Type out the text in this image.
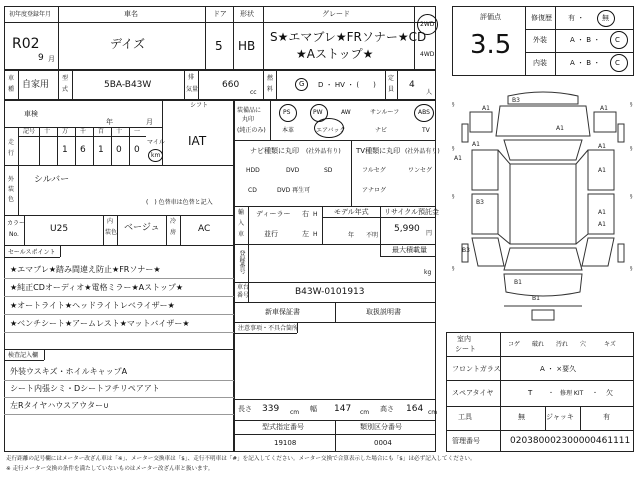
初年度登録年月
R02
9 月
車名
デイズ
ドア
5
形状
HB
グレード
S★エマブレ★FRソナー★CD
★Aストップ★
2WD
4WD
車
種 自家用
型
式	5BA-B43W
排
気量	660
cc
燃
料
G D ・ HV ・ (　　)
定
員 4
人
車検
年	月
シフト
IAT
走
行
記号 十 万 千 百 十 一
1 6 1 0 0
マイル
km
外
装
色
シルバー
(　) 色替車は色替と記入
カラー
No.
U25
内
装色 ベージュ
冷
房 AC
セールスポイント
★エマブレ★踏み間違え防止★FRソナー★
★純正CDオーディオ★電格ミラー★Aストップ★
★オートライト★ヘッドライトレベライザー★
★ベンチシート★アームレスト★マットバイザー★
検査記入欄
外装ウスキズ・ホイルキャップA
シート内張シミ・Dシートフチリペアアト
左Rタイヤハウスアウター∪
装備品に
丸印
(純正のみ)
PS	PW	AW	サンルーフ	ABS
本革	エアバック	ナビ	TV
ナビ種類に丸印 (社外品有り) TV種類に丸印 (社外品有り)
HDD	DVD	SD
CD	DVD 再生可
フルセグ	ワンセグ
アナログ
輸
入
車
ディーラー
並行
右
左
H
H
モデル年式
年 不明
リサイクル預託金
5,990 円
登録番号	最大積載量
kg
車台
番号	B43W-0101913
新車保証書	取扱説明書
注意事項・不具合箇所
長さ 339 cm 幅 147 cm 高さ 164 cm
型式指定番号
19108
類別区分番号
0004
評価点
3.5
修復歴 有 ・	無
外装	A ・ B ・ C
内装	A ・ B ・ C
§	§
§	§
§	§
§	§
B3
A1	A1
A1
A1
A1
A1
A1
A1
A1
B3
B1
B3
B1
室内
シート
コゲ 破れ 汚れ 穴	キズ
フロントガラス	A ・ ×要久
スペアタイヤ	T	・ 修理 KIT ・ 欠
工具	無	ジャッキ	有
管理番号	020380002300000461111
走行距離の記号欄にはメーター改ざん車は「※」、メーター交換車は「$」、走行不明車は「#」を記入してください。メーター交換で合算表示した場合にも「$」は必ず記入してください。
※ 走行メーター交換の条件を満たしていないものはメーター改ざん車と扱います。
